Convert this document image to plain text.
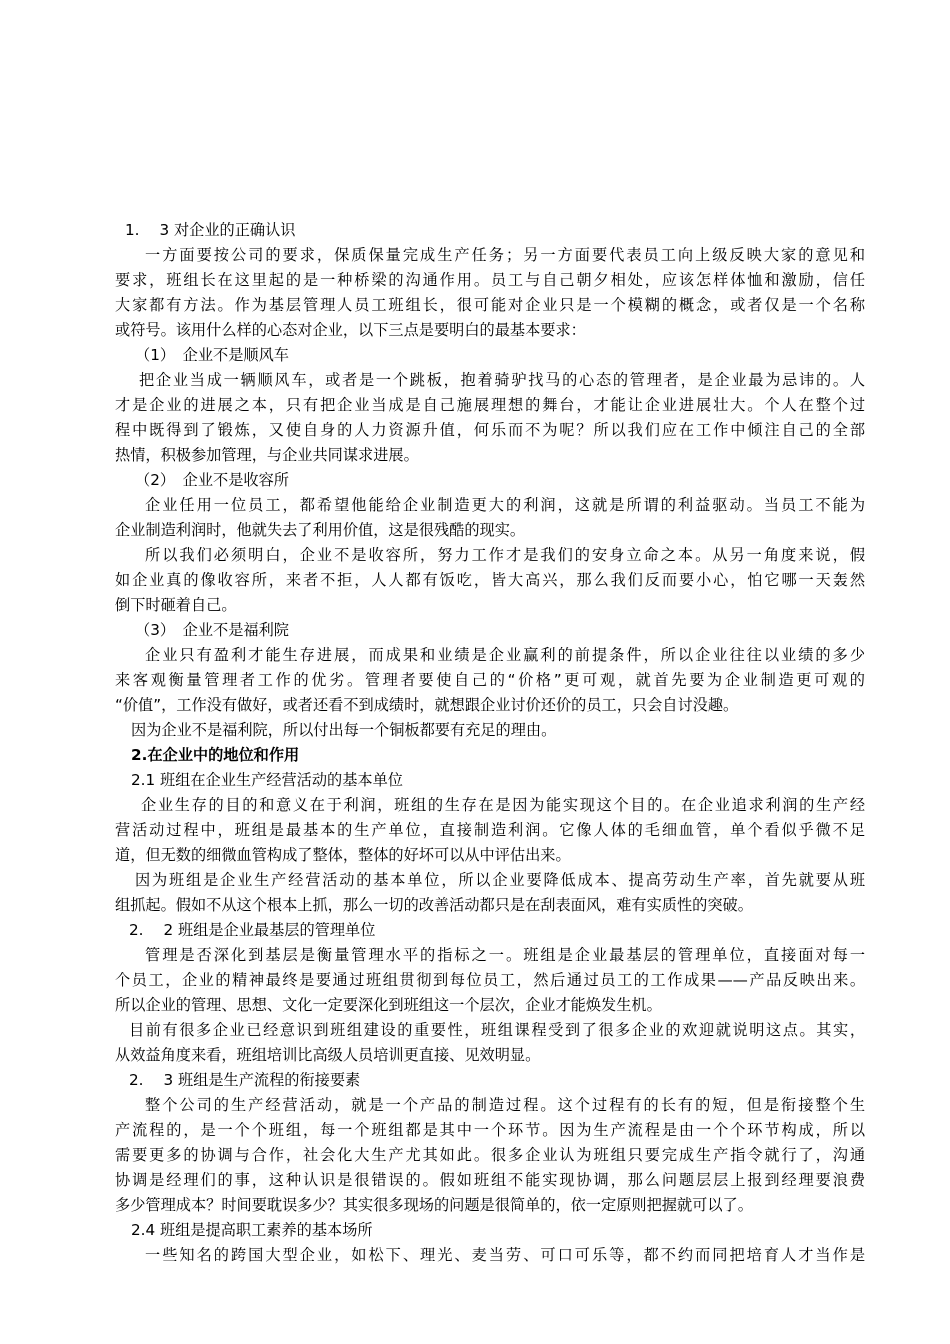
1.　 3 对企业的正确认识
一方面要按公司的要求，保质保量完成生产任务；另一方面要代表员工向上级反映大家的意见和
要求，班组长在这里起的是一种桥梁的沟通作用。员工与自己朝夕相处，应该怎样体恤和激励，信任
大家都有方法。作为基层管理人员工班组长，很可能对企业只是一个模糊的概念，或者仅是一个名称
或符号。该用什么样的心态对企业，以下三点是要明白的最基本要求：
（1）　企业不是顺风车
把企业当成一辆顺风车，或者是一个跳板，抱着骑驴找马的心态的管理者，是企业最为忌讳的。人
才是企业的进展之本，只有把企业当成是自己施展理想的舞台，才能让企业进展壮大。个人在整个过
程中既得到了锻炼，又使自身的人力资源升值，何乐而不为呢？所以我们应在工作中倾注自己的全部
热情，积极参加管理，与企业共同谋求进展。
（2）　企业不是收容所
企业任用一位员工，都希望他能给企业制造更大的利润，这就是所谓的利益驱动。当员工不能为
企业制造利润时，他就失去了利用价值，这是很残酷的现实。
所以我们必须明白，企业不是收容所，努力工作才是我们的安身立命之本。从另一角度来说，假
如企业真的像收容所，来者不拒，人人都有饭吃，皆大高兴，那么我们反而要小心，怕它哪一天轰然
倒下时砸着自己。
（3）　企业不是福利院
企业只有盈利才能生存进展，而成果和业绩是企业赢利的前提条件，所以企业往往以业绩的多少
来客观衡量管理者工作的优劣。管理者要使自己的“价格”更可观，就首先要为企业制造更可观的
“价值”，工作没有做好，或者还看不到成绩时，就想跟企业讨价还价的员工，只会自讨没趣。
因为企业不是福利院，所以付出每一个铜板都要有充足的理由。
2.在企业中的地位和作用
2.1 班组在企业生产经营活动的基本单位
企业生存的目的和意义在于利润，班组的生存在是因为能实现这个目的。在企业追求利润的生产经
营活动过程中，班组是最基本的生产单位，直接制造利润。它像人体的毛细血管，单个看似乎微不足
道，但无数的细微血管构成了整体，整体的好坏可以从中评估出来。
因为班组是企业生产经营活动的基本单位，所以企业要降低成本、提高劳动生产率，首先就要从班
组抓起。假如不从这个根本上抓，那么一切的改善活动都只是在刮表面风，难有实质性的突破。
2.　 2 班组是企业最基层的管理单位
管理是否深化到基层是衡量管理水平的指标之一。班组是企业最基层的管理单位，直接面对每一
个员工，企业的精神最终是要通过班组贯彻到每位员工，然后通过员工的工作成果——产品反映出来。
所以企业的管理、思想、文化一定要深化到班组这一个层次，企业才能焕发生机。
目前有很多企业已经意识到班组建设的重要性，班组课程受到了很多企业的欢迎就说明这点。其实，
从效益角度来看，班组培训比高级人员培训更直接、见效明显。
2.　 3 班组是生产流程的衔接要素
整个公司的生产经营活动，就是一个产品的制造过程。这个过程有的长有的短，但是衔接整个生
产流程的，是一个个班组，每一个班组都是其中一个环节。因为生产流程是由一个个环节构成，所以
需要更多的协调与合作，社会化大生产尤其如此。很多企业认为班组只要完成生产指令就行了，沟通
协调是经理们的事，这种认识是很错误的。假如班组不能实现协调，那么问题层层上报到经理要浪费
多少管理成本？时间要耽误多少？其实很多现场的问题是很简单的，依一定原则把握就可以了。
2.4 班组是提高职工素养的基本场所
一些知名的跨国大型企业，如松下、理光、麦当劳、可口可乐等，都不约而同把培育人才当作是
